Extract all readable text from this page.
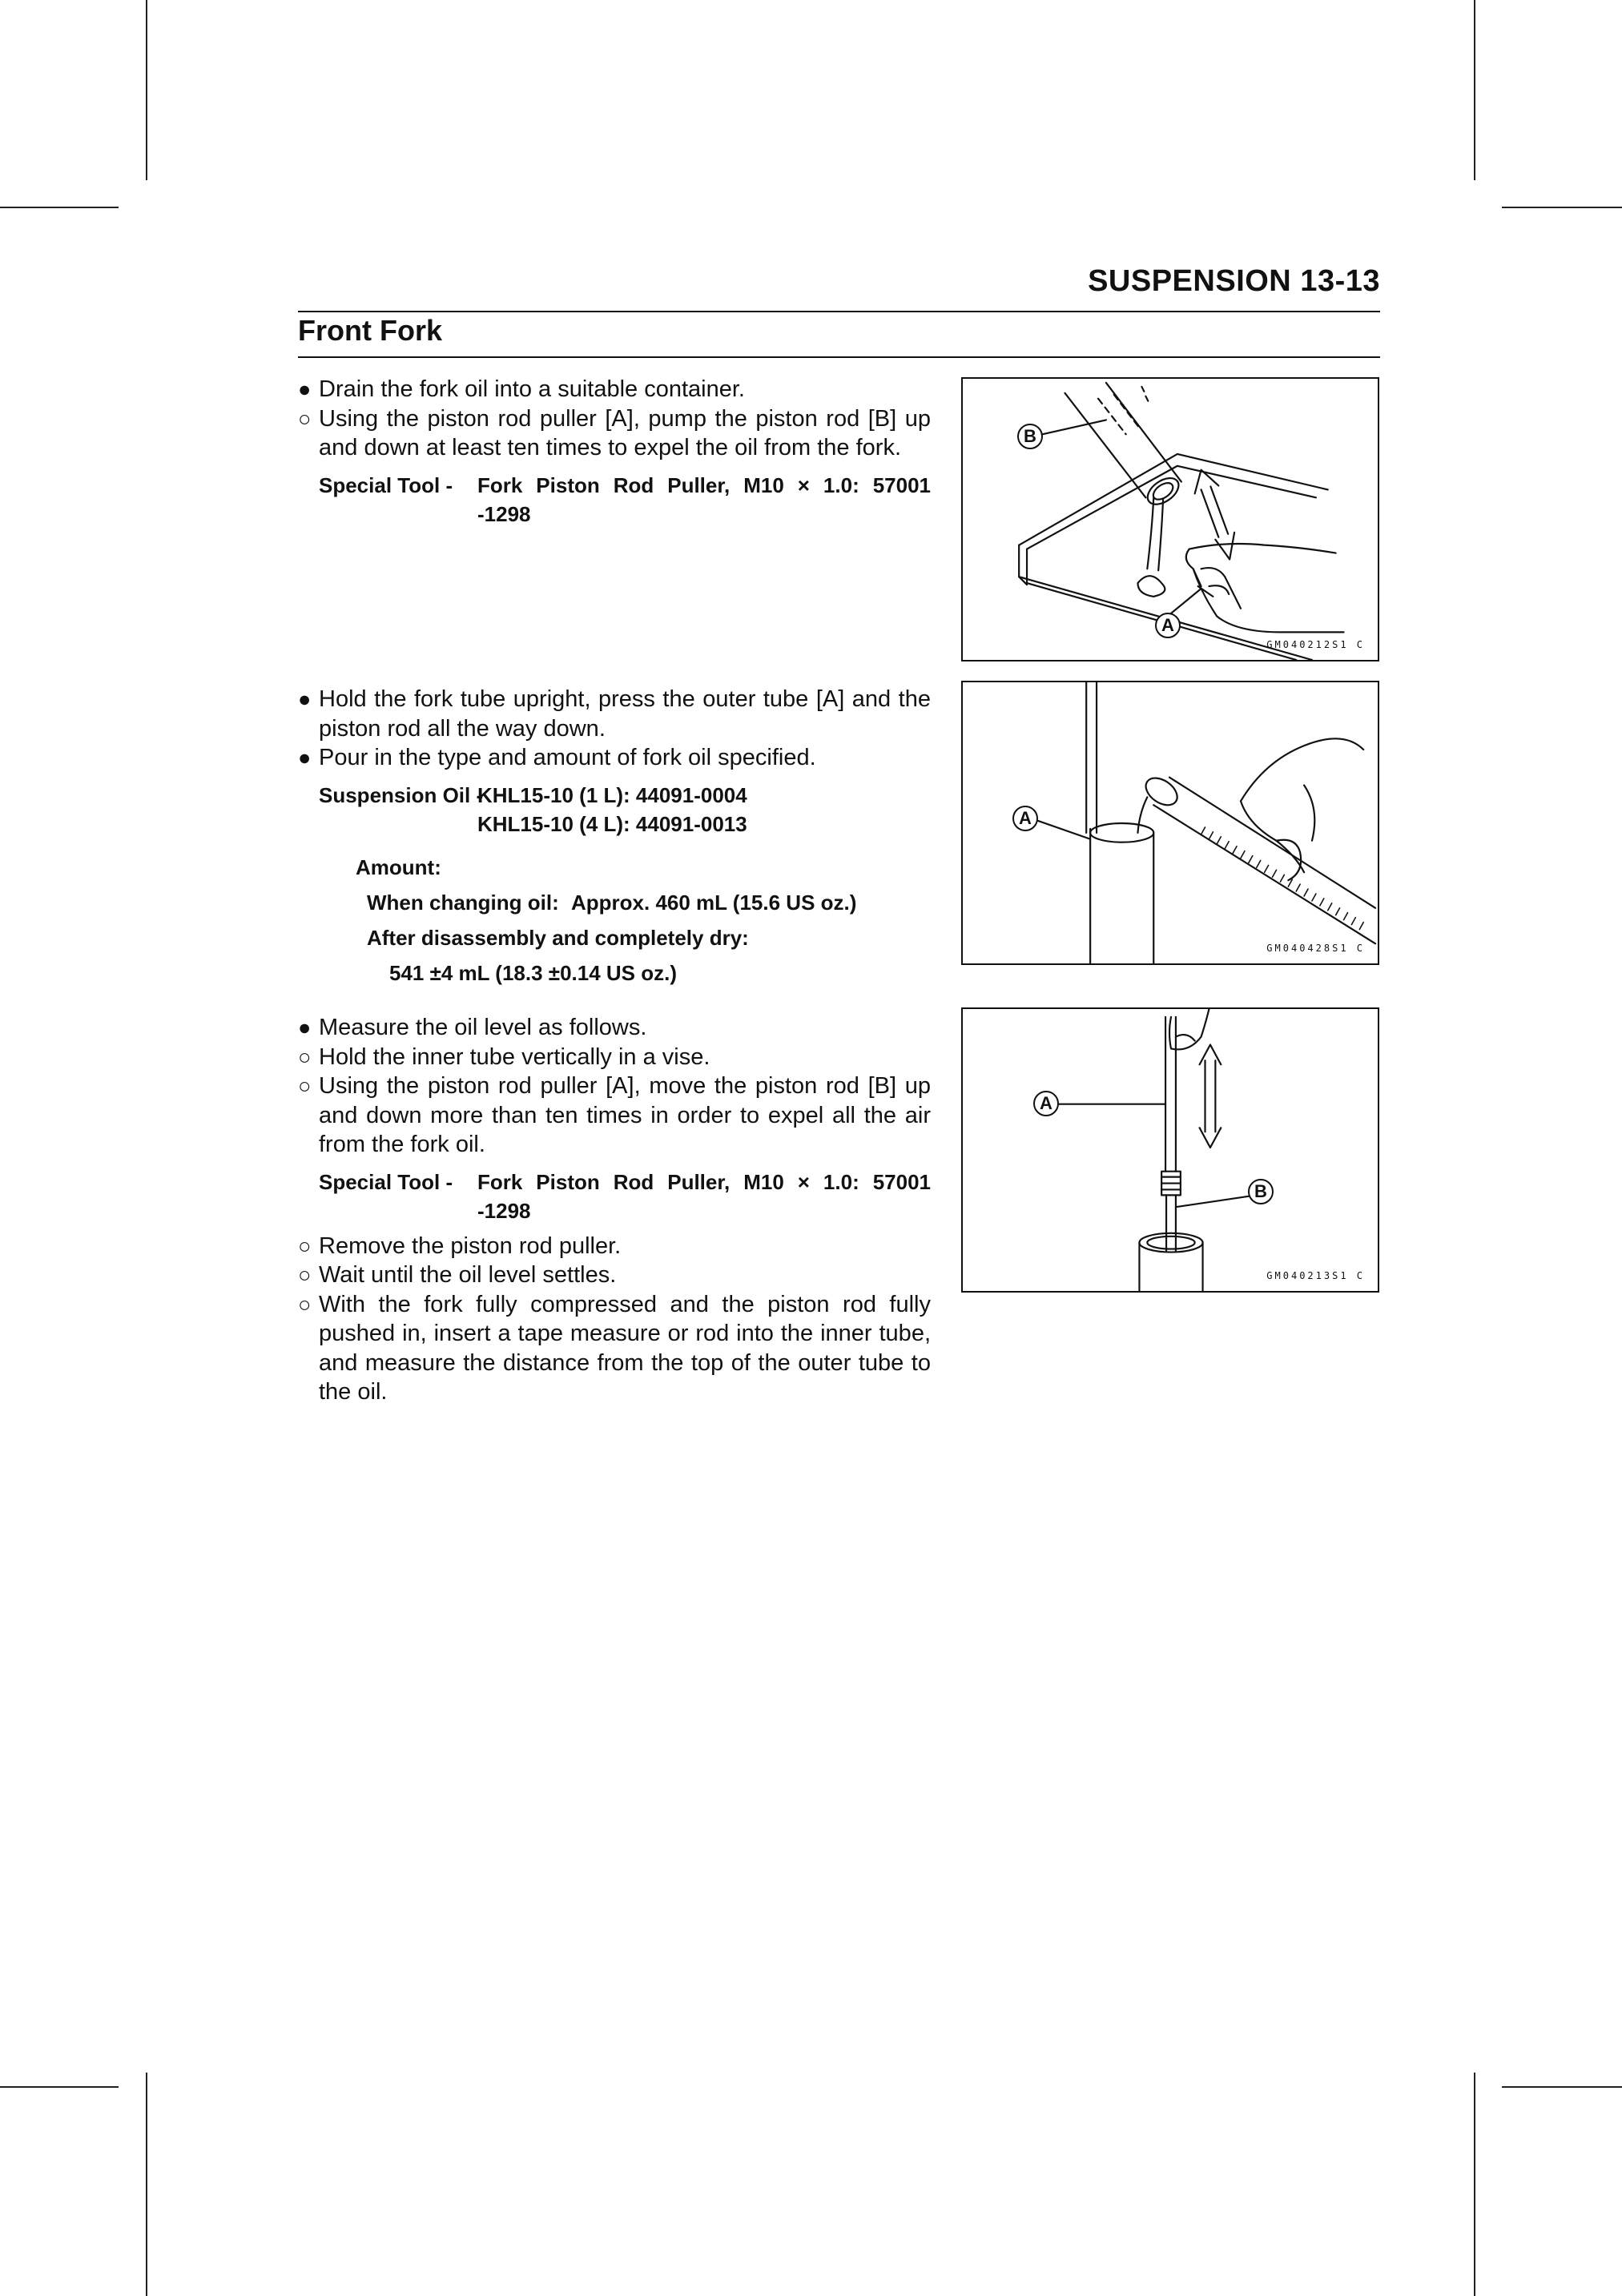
SUSPENSION 13-13
Front Fork
● Drain the fork oil into a suitable container.
○ Using the piston rod puller [A], pump the piston rod [B] up and down at least ten times to expel the oil from the fork.
Special Tool -	Fork Piston Rod Puller, M10 × 1.0: 57001
-1298
B
A
GM040212S1 C
● Hold the fork tube upright, press the outer tube [A] and the piston rod all the way down.
● Pour in the type and amount of fork oil specified.
Suspension Oil -
KHL15-10 (1 L): 44091-0004
KHL15-10 (4 L): 44091-0013
Amount:
When changing oil: Approx. 460 mL (15.6 US oz.)
After disassembly and completely dry:
541 ±4 mL (18.3 ±0.14 US oz.)
A
GM040428S1 C
● Measure the oil level as follows.
○ Hold the inner tube vertically in a vise.
○ Using the piston rod puller [A], move the piston rod [B] up and down more than ten times in order to expel all the air from the fork oil.
Special Tool -	Fork Piston Rod Puller, M10 × 1.0: 57001
-1298
○ Remove the piston rod puller.
○ Wait until the oil level settles.
○ With the fork fully compressed and the piston rod fully pushed in, insert a tape measure or rod into the inner tube, and measure the distance from the top of the outer tube to the oil.
A
B
GM040213S1 C
